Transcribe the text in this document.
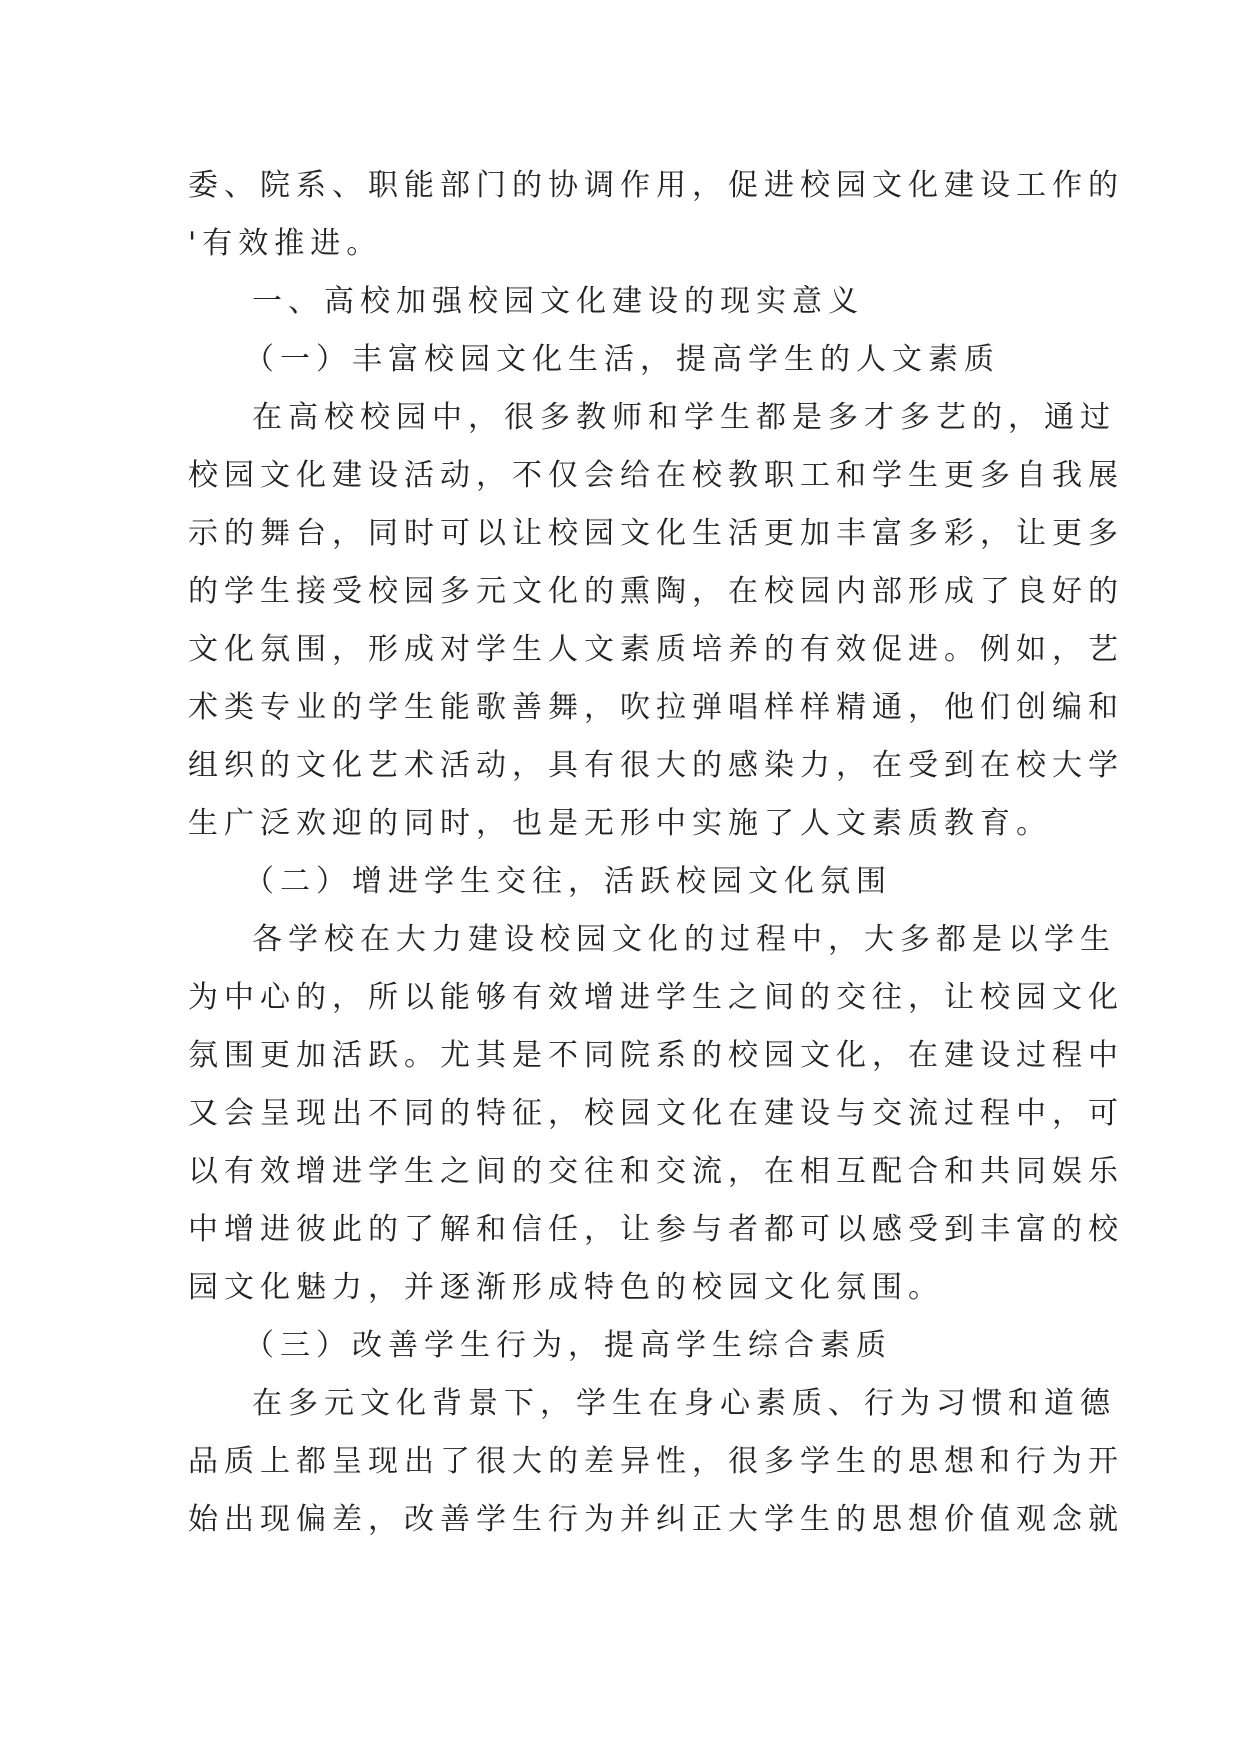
委、院系、职能部门的协调作用，促进校园文化建设工作的
'有效推进。
一、高校加强校园文化建设的现实意义
（一）丰富校园文化生活，提高学生的人文素质
在高校校园中，很多教师和学生都是多才多艺的，通过
校园文化建设活动，不仅会给在校教职工和学生更多自我展
示的舞台，同时可以让校园文化生活更加丰富多彩，让更多
的学生接受校园多元文化的熏陶，在校园内部形成了良好的
文化氛围，形成对学生人文素质培养的有效促进。例如，艺
术类专业的学生能歌善舞，吹拉弹唱样样精通，他们创编和
组织的文化艺术活动，具有很大的感染力，在受到在校大学
生广泛欢迎的同时，也是无形中实施了人文素质教育。
（二）增进学生交往，活跃校园文化氛围
各学校在大力建设校园文化的过程中，大多都是以学生
为中心的，所以能够有效增进学生之间的交往，让校园文化
氛围更加活跃。尤其是不同院系的校园文化，在建设过程中
又会呈现出不同的特征，校园文化在建设与交流过程中，可
以有效增进学生之间的交往和交流，在相互配合和共同娱乐
中增进彼此的了解和信任，让参与者都可以感受到丰富的校
园文化魅力，并逐渐形成特色的校园文化氛围。
（三）改善学生行为，提高学生综合素质
在多元文化背景下，学生在身心素质、行为习惯和道德
品质上都呈现出了很大的差异性，很多学生的思想和行为开
始出现偏差，改善学生行为并纠正大学生的思想价值观念就
